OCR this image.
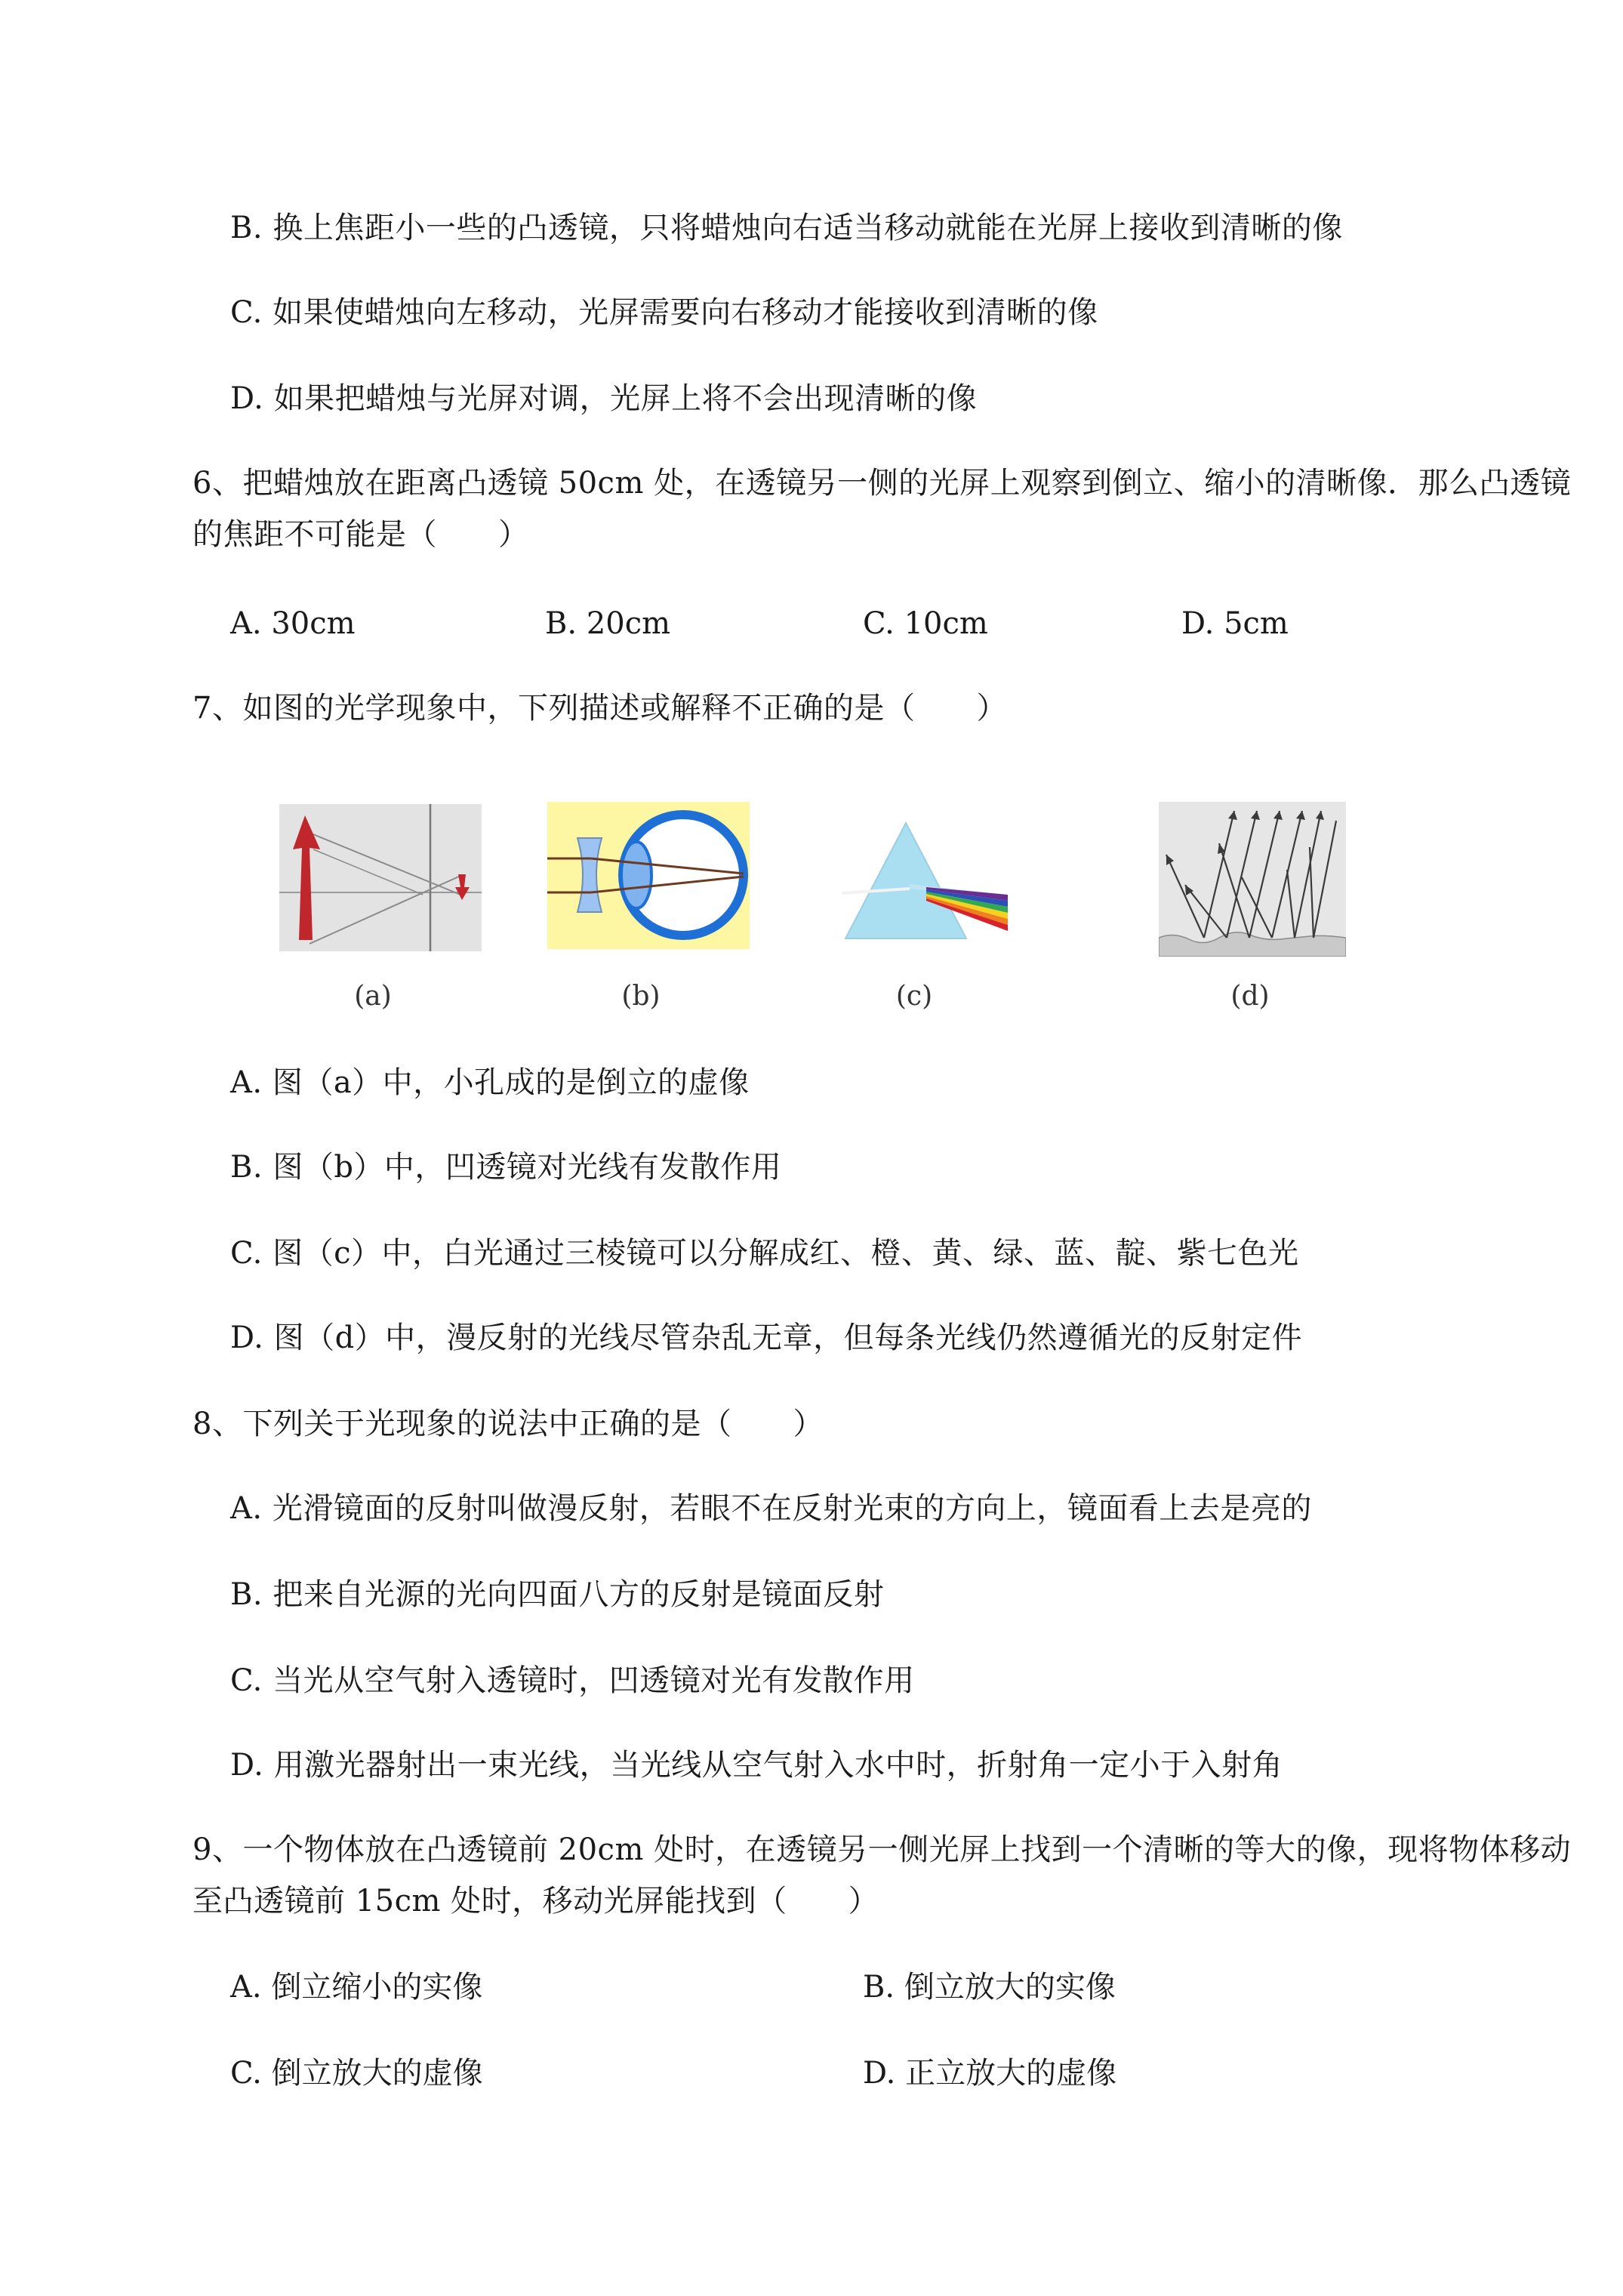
B. 换上焦距小一些的凸透镜，只将蜡烛向右适当移动就能在光屏上接收到清晰的像

C. 如果使蜡烛向左移动，光屏需要向右移动才能接收到清晰的像

D. 如果把蜡烛与光屏对调，光屏上将不会出现清晰的像

6、把蜡烛放在距离凸透镜 50cm 处，在透镜另一侧的光屏上观察到倒立、缩小的清晰像．那么凸透镜

的焦距不可能是（　　）

A. 30cm	B. 20cm	C. 10cm	D. 5cm

7、如图的光学现象中，下列描述或解释不正确的是（　　）

(a)	(b)	(c)	(d)

A. 图（a）中，小孔成的是倒立的虚像

B. 图（b）中，凹透镜对光线有发散作用

C. 图（c）中，白光通过三棱镜可以分解成红、橙、黄、绿、蓝、靛、紫七色光

D. 图（d）中，漫反射的光线尽管杂乱无章，但每条光线仍然遵循光的反射定件

8、下列关于光现象的说法中正确的是（　　）

A. 光滑镜面的反射叫做漫反射，若眼不在反射光束的方向上，镜面看上去是亮的

B. 把来自光源的光向四面八方的反射是镜面反射

C. 当光从空气射入透镜时，凹透镜对光有发散作用

D. 用激光器射出一束光线，当光线从空气射入水中时，折射角一定小于入射角

9、一个物体放在凸透镜前 20cm 处时，在透镜另一侧光屏上找到一个清晰的等大的像，现将物体移动

至凸透镜前 15cm 处时，移动光屏能找到（　　）

A. 倒立缩小的实像	B. 倒立放大的实像

C. 倒立放大的虚像	D. 正立放大的虚像
